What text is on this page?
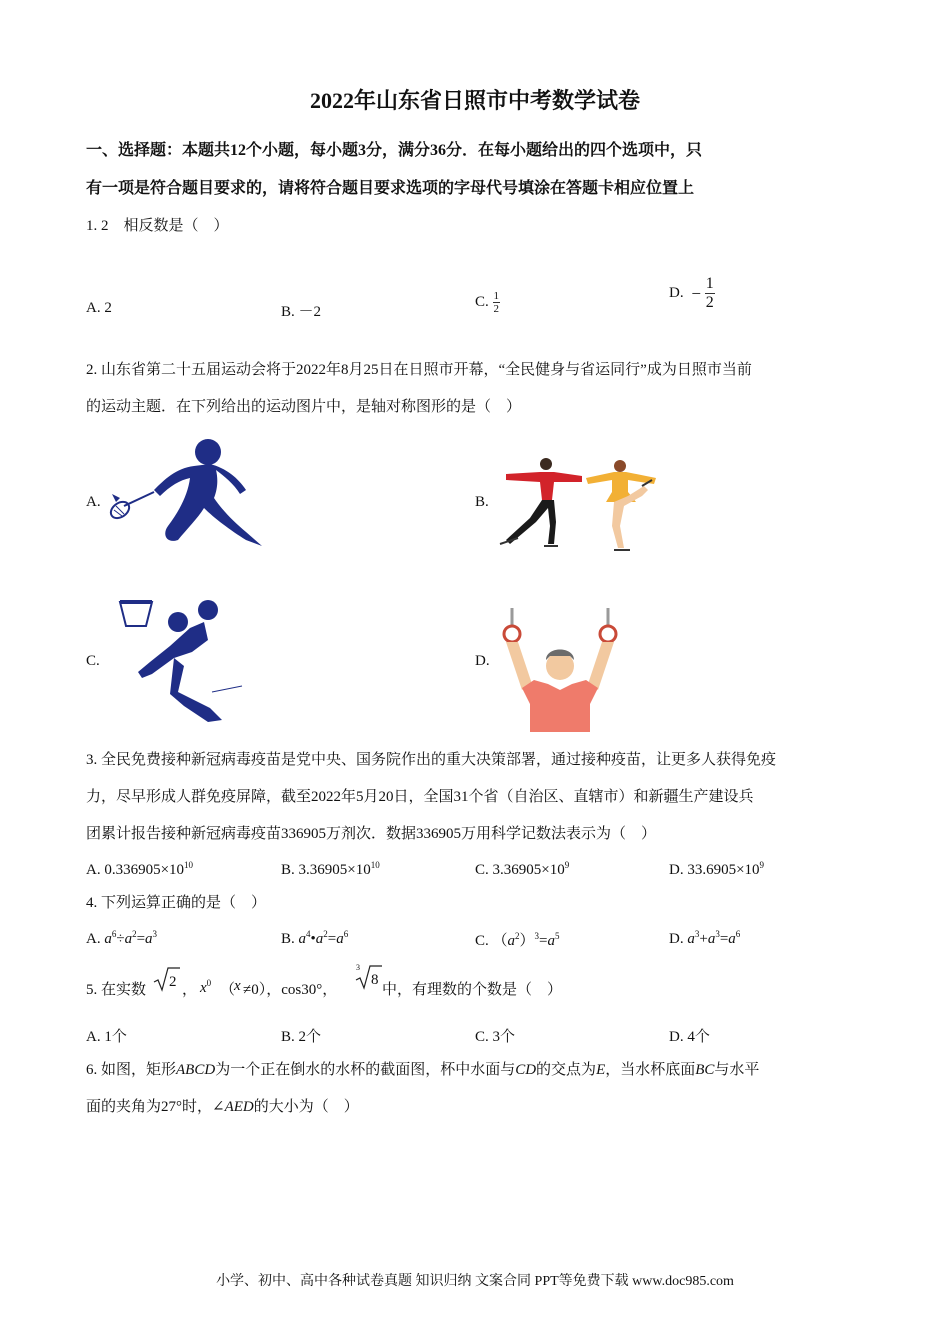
2022年山东省日照市中考数学试卷
一、选择题：本题共12个小题，每小题3分，满分36分．在每小题给出的四个选项中，只
有一项是符合题目要求的，请将符合题目要求选项的字母代号填涂在答题卡相应位置上
1. 2　相反数是（　）
A. 2	B. －2
C. $\frac{1}{2}$	D. − $\frac{1}{2}$
2. 山东省第二十五届运动会将于2022年8月25日在日照市开幕，“全民健身与省运同行”成为日照市当前
的运动主题．在下列给出的运动图片中，是轴对称图形的是（　）
A.	B.
C.	D.
3. 全民免费接种新冠病毒疫苗是党中央、国务院作出的重大决策部署，通过接种疫苗，让更多人获得免疫
力，尽早形成人群免疫屏障，截至2022年5月20日，全国31个省（自治区、直辖市）和新疆生产建设兵
团累计报告接种新冠病毒疫苗336905万剂次．数据336905万用科学记数法表示为（　）
A. $0.336905\times 10^{10}$	B. $3.36905\times 10^{10}$	C. $3.36905\times 10^9$	D. $33.6905\times 10^9$
4. 下列运算正确的是（　）
A. $a^6\div a^2=a^3$	B. $a^4•a^2=a^6$	C. $(a^2)^3=a^5$	D. $a^3+a^3=a^6$
5. 在实数 2 ， $x^0$ （
x ≠0），cos30°，
3
8
中，有理数的个数是（　）
A. 1个	B. 2个	C. 3个	D. 4个
6. 如图，矩形ABCD为一个正在倒水的水杯的截面图，杯中水面与CD的交点为E，当水杯底面BC与水平
面的夹角为27°时，∠AED的大小为（　）
小学、初中、高中各种试卷真题 知识归纳 文案合同 PPT等免费下载 www.doc985.com
